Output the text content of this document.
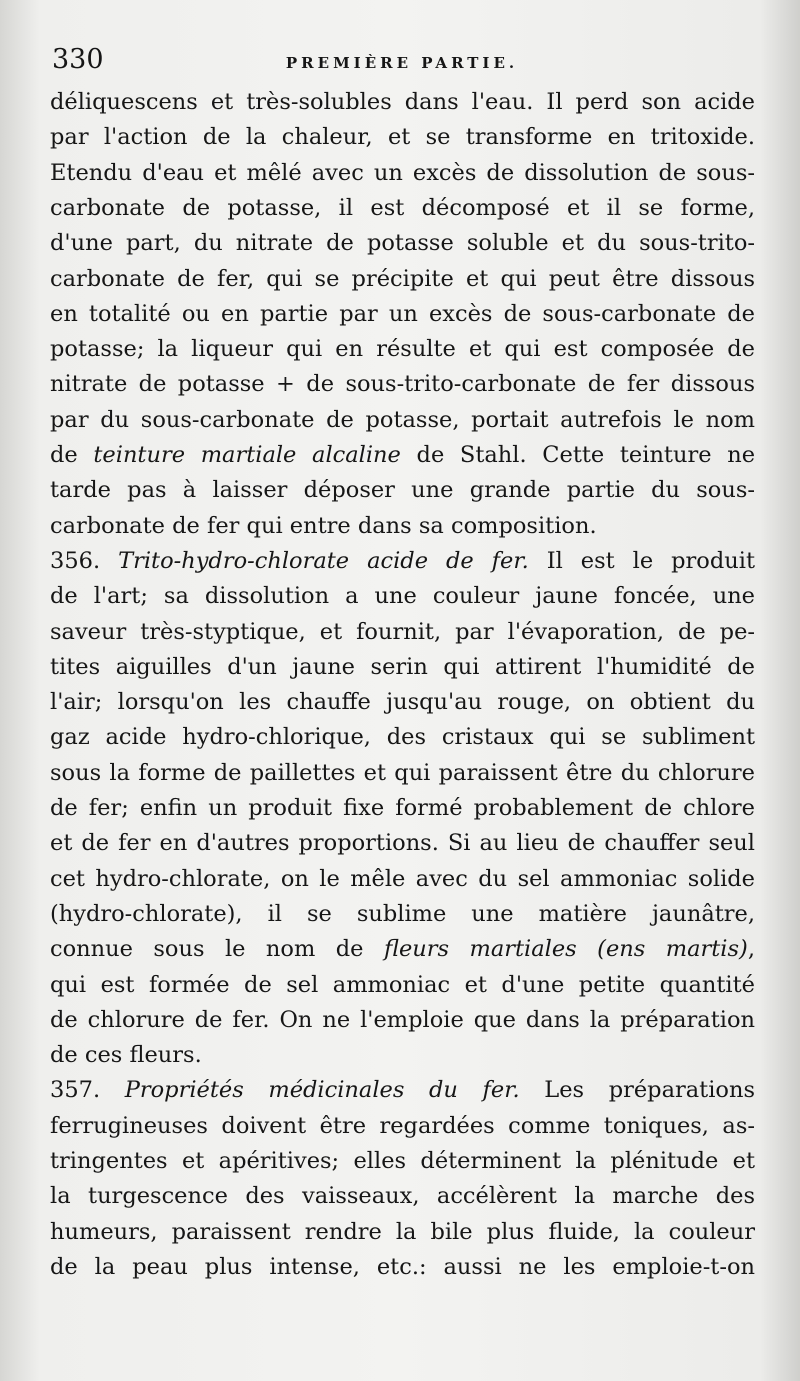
330	PREMIÈRE PARTIE.
déliquescens et très-solubles dans l'eau. Il perd son acide
par l'action de la chaleur, et se transforme en tritoxide.
Etendu d'eau et mêlé avec un excès de dissolution de sous-
carbonate de potasse, il est décomposé et il se forme,
d'une part, du nitrate de potasse soluble et du sous-trito-
carbonate de fer, qui se précipite et qui peut être dissous
en totalité ou en partie par un excès de sous-carbonate de
potasse; la liqueur qui en résulte et qui est composée de
nitrate de potasse + de sous-trito-carbonate de fer dissous
par du sous-carbonate de potasse, portait autrefois le nom
de teinture martiale alcaline de Stahl. Cette teinture ne
tarde pas à laisser déposer une grande partie du sous-
carbonate de fer qui entre dans sa composition.
356. Trito-hydro-chlorate acide de fer. Il est le produit
de l'art; sa dissolution a une couleur jaune foncée, une
saveur très-styptique, et fournit, par l'évaporation, de pe-
tites aiguilles d'un jaune serin qui attirent l'humidité de
l'air; lorsqu'on les chauffe jusqu'au rouge, on obtient du
gaz acide hydro-chlorique, des cristaux qui se subliment
sous la forme de paillettes et qui paraissent être du chlorure
de fer; enfin un produit fixe formé probablement de chlore
et de fer en d'autres proportions. Si au lieu de chauffer seul
cet hydro-chlorate, on le mêle avec du sel ammoniac solide
(hydro-chlorate), il se sublime une matière jaunâtre,
connue sous le nom de fleurs martiales (ens martis),
qui est formée de sel ammoniac et d'une petite quantité
de chlorure de fer. On ne l'emploie que dans la préparation
de ces fleurs.
357. Propriétés médicinales du fer. Les préparations
ferrugineuses doivent être regardées comme toniques, as-
tringentes et apéritives; elles déterminent la plénitude et
la turgescence des vaisseaux, accélèrent la marche des
humeurs, paraissent rendre la bile plus fluide, la couleur
de la peau plus intense, etc.: aussi ne les emploie-t-on
